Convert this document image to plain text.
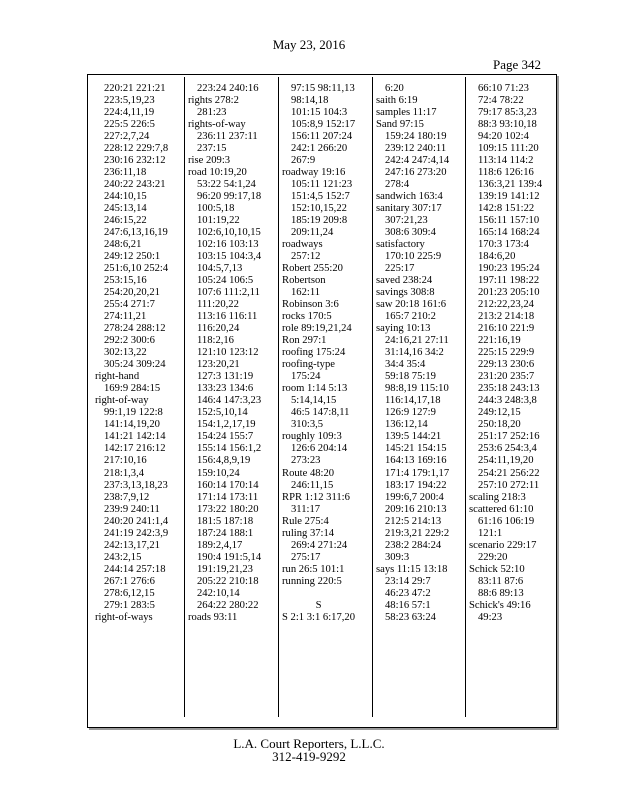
May 23, 2016
Page 342
220:21 221:21
223:5,19,23
224:4,11,19
225:5 226:5
227:2,7,24
228:12 229:7,8
230:16 232:12
236:11,18
240:22 243:21
244:10,15
245:13,14
246:15,22
247:6,13,16,19
248:6,21
249:12 250:1
251:6,10 252:4
253:15,16
254:20,20,21
255:4 271:7
274:11,21
278:24 288:12
292:2 300:6
302:13,22
305:24 309:24
right-hand
169:9 284:15
right-of-way
99:1,19 122:8
141:14,19,20
141:21 142:14
142:17 216:12
217:10,16
218:1,3,4
237:3,13,18,23
238:7,9,12
239:9 240:11
240:20 241:1,4
241:19 242:3,9
242:13,17,21
243:2,15
244:14 257:18
267:1 276:6
278:6,12,15
279:1 283:5
right-of-ways
223:24 240:16
rights 278:2
281:23
rights-of-way
236:11 237:11
237:15
rise 209:3
road 10:19,20
53:22 54:1,24
96:20 99:17,18
100:5,18
101:19,22
102:6,10,10,15
102:16 103:13
103:15 104:3,4
104:5,7,13
105:24 106:5
107:6 111:2,11
111:20,22
113:16 116:11
116:20,24
118:2,16
121:10 123:12
123:20,21
127:3 131:19
133:23 134:6
146:4 147:3,23
152:5,10,14
154:1,2,17,19
154:24 155:7
155:14 156:1,2
156:4,8,9,19
159:10,24
160:14 170:14
171:14 173:11
173:22 180:20
181:5 187:18
187:24 188:1
189:2,4,17
190:4 191:5,14
191:19,21,23
205:22 210:18
242:10,14
264:22 280:22
roads 93:11
97:15 98:11,13
98:14,18
101:15 104:3
105:8,9 152:17
156:11 207:24
242:1 266:20
267:9
roadway 19:16
105:11 121:23
151:4,5 152:7
152:10,15,22
185:19 209:8
209:11,24
roadways
257:12
Robert 255:20
Robertson
162:11
Robinson 3:6
rocks 170:5
role 89:19,21,24
Ron 297:1
roofing 175:24
roofing-type
175:24
room 1:14 5:13
5:14,14,15
46:5 147:8,11
310:3,5
roughly 109:3
126:6 204:14
273:23
Route 48:20
246:11,15
RPR 1:12 311:6
311:17
Rule 275:4
ruling 37:14
269:4 271:24
275:17
run 26:5 101:1
running 220:5
S
S 2:1 3:1 6:17,20
6:20
saith 6:19
samples 11:17
Sand 97:15
159:24 180:19
239:12 240:11
242:4 247:4,14
247:16 273:20
278:4
sandwich 163:4
sanitary 307:17
307:21,23
308:6 309:4
satisfactory
170:10 225:9
225:17
saved 238:24
savings 308:8
saw 20:18 161:6
165:7 210:2
saying 10:13
24:16,21 27:11
31:14,16 34:2
34:4 35:4
59:18 75:19
98:8,19 115:10
116:14,17,18
126:9 127:9
136:12,14
139:5 144:21
145:21 154:15
164:13 169:16
171:4 179:1,17
183:17 194:22
199:6,7 200:4
209:16 210:13
212:5 214:13
219:3,21 229:2
238:2 284:24
309:3
says 11:15 13:18
23:14 29:7
46:23 47:2
48:16 57:1
58:23 63:24
66:10 71:23
72:4 78:22
79:17 85:3,23
88:3 93:10,18
94:20 102:4
109:15 111:20
113:14 114:2
118:6 126:16
136:3,21 139:4
139:19 141:12
142:8 151:22
156:11 157:10
165:14 168:24
170:3 173:4
184:6,20
190:23 195:24
197:11 198:22
201:23 205:10
212:22,23,24
213:2 214:18
216:10 221:9
221:16,19
225:15 229:9
229:13 230:6
231:20 235:7
235:18 243:13
244:3 248:3,8
249:12,15
250:18,20
251:17 252:16
253:6 254:3,4
254:11,19,20
254:21 256:22
257:10 272:11
scaling 218:3
scattered 61:10
61:16 106:19
121:1
scenario 229:17
229:20
Schick 52:10
83:11 87:6
88:6 89:13
Schick's 49:16
49:23
L.A. Court Reporters, L.L.C.
312-419-9292
